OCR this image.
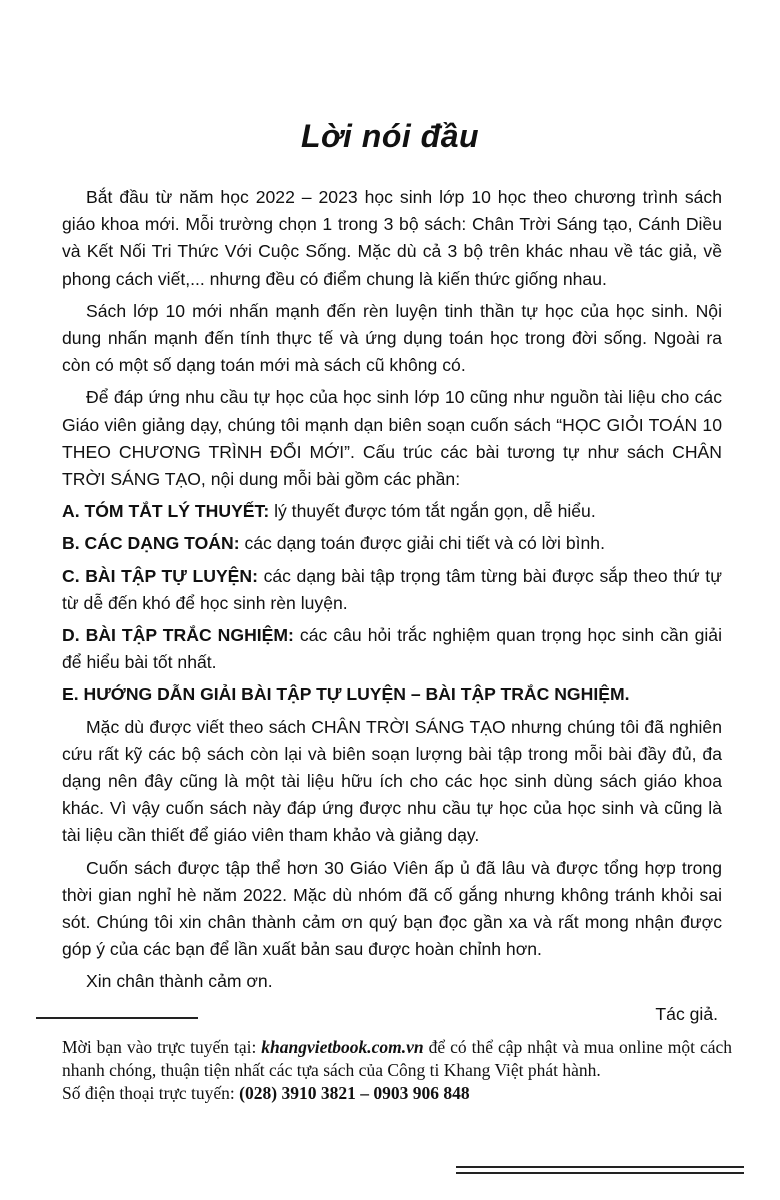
Lời nói đầu

Bắt đầu từ năm học 2022 – 2023 học sinh lớp 10 học theo chương trình sách giáo khoa mới. Mỗi trường chọn 1 trong 3 bộ sách: Chân Trời Sáng tạo, Cánh Diều và Kết Nối Tri Thức Với Cuộc Sống. Mặc dù cả 3 bộ trên khác nhau về tác giả, về phong cách viết,... nhưng đều có điểm chung là kiến thức giống nhau.

Sách lớp 10 mới nhấn mạnh đến rèn luyện tinh thần tự học của học sinh. Nội dung nhấn mạnh đến tính thực tế và ứng dụng toán học trong đời sống. Ngoài ra còn có một số dạng toán mới mà sách cũ không có.

Để đáp ứng nhu cầu tự học của học sinh lớp 10 cũng như nguồn tài liệu cho các Giáo viên giảng dạy, chúng tôi mạnh dạn biên soạn cuốn sách “HỌC GIỎI TOÁN 10 THEO CHƯƠNG TRÌNH ĐỔI MỚI”. Cấu trúc các bài tương tự như sách CHÂN TRỜI SÁNG TẠO, nội dung mỗi bài gồm các phần:

A. TÓM TẮT LÝ THUYẾT: lý thuyết được tóm tắt ngắn gọn, dễ hiểu.

B. CÁC DẠNG TOÁN: các dạng toán được giải chi tiết và có lời bình.

C. BÀI TẬP TỰ LUYỆN: các dạng bài tập trọng tâm từng bài được sắp theo thứ tự từ dễ đến khó để học sinh rèn luyện.

D. BÀI TẬP TRẮC NGHIỆM: các câu hỏi trắc nghiệm quan trọng học sinh cần giải để hiểu bài tốt nhất.

E. HƯỚNG DẪN GIẢI BÀI TẬP TỰ LUYỆN – BÀI TẬP TRẮC NGHIỆM.

Mặc dù được viết theo sách CHÂN TRỜI SÁNG TẠO nhưng chúng tôi đã nghiên cứu rất kỹ các bộ sách còn lại và biên soạn lượng bài tập trong mỗi bài đầy đủ, đa dạng nên đây cũng là một tài liệu hữu ích cho các học sinh dùng sách giáo khoa khác. Vì vậy cuốn sách này đáp ứng được nhu cầu tự học của học sinh và cũng là tài liệu cần thiết để giáo viên tham khảo và giảng dạy.

Cuốn sách được tập thể hơn 30 Giáo Viên ấp ủ đã lâu và được tổng hợp trong thời gian nghỉ hè năm 2022. Mặc dù nhóm đã cố gắng nhưng không tránh khỏi sai sót. Chúng tôi xin chân thành cảm ơn quý bạn đọc gần xa và rất mong nhận được góp ý của các bạn để lần xuất bản sau được hoàn chỉnh hơn.

Xin chân thành cảm ơn.

Tác giả.

Mời bạn vào trực tuyến tại: khangvietbook.com.vn để có thể cập nhật và mua online một cách nhanh chóng, thuận tiện nhất các tựa sách của Công ti Khang Việt phát hành.

Số điện thoại trực tuyến: (028) 3910 3821 – 0903 906 848
